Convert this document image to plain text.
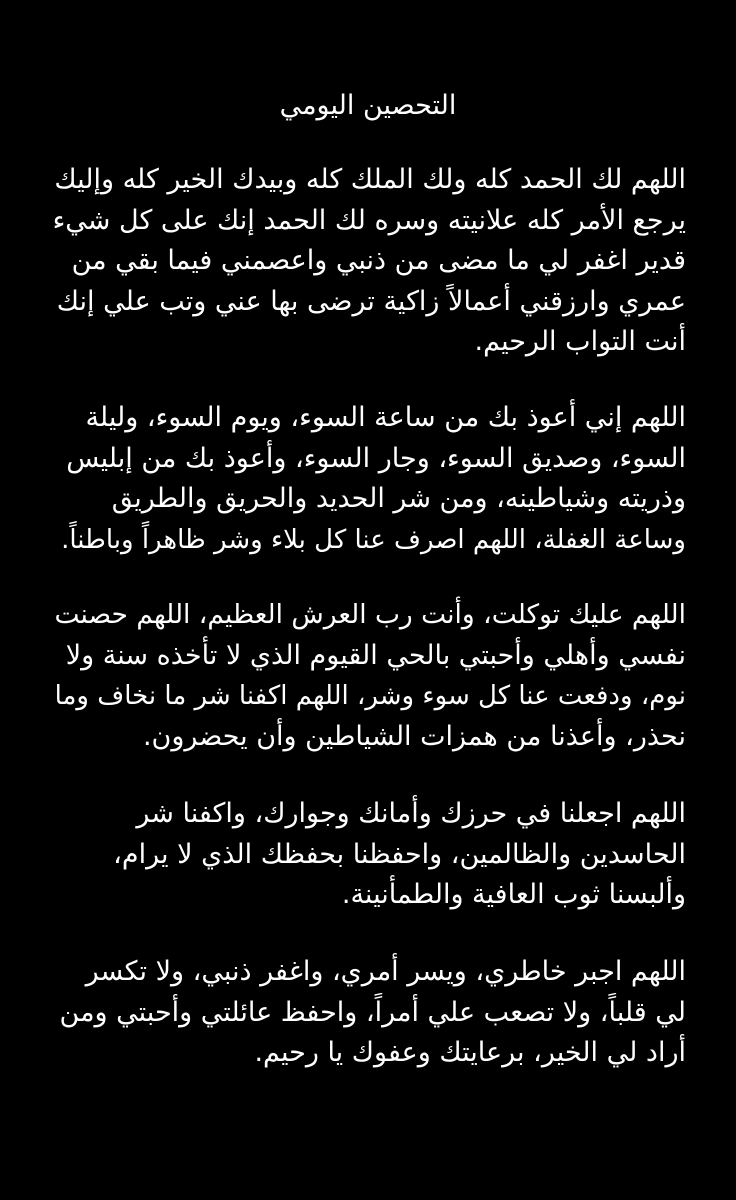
التحصين اليومي
اللهم لك الحمد كله ولك الملك كله وبيدك الخير كله وإليك
يرجع الأمر كله علانيته وسره لك الحمد إنك على كل شيء
قدير اغفر لي ما مضى من ذنبي واعصمني فيما بقي من
عمري وارزقني أعمالاً زاكية ترضى بها عني وتب علي إنك
أنت التواب الرحيم.
اللهم إني أعوذ بك من ساعة السوء، ويوم السوء، وليلة
السوء، وصديق السوء، وجار السوء، وأعوذ بك من إبليس
وذريته وشياطينه، ومن شر الحديد والحريق والطريق
وساعة الغفلة، اللهم اصرف عنا كل بلاء وشر ظاهراً وباطناً.
اللهم عليك توكلت، وأنت رب العرش العظيم، اللهم حصنت
نفسي وأهلي وأحبتي بالحي القيوم الذي لا تأخذه سنة ولا
نوم، ودفعت عنا كل سوء وشر، اللهم اكفنا شر ما نخاف وما
نحذر، وأعذنا من همزات الشياطين وأن يحضرون.
اللهم اجعلنا في حرزك وأمانك وجوارك، واكفنا شر
الحاسدين والظالمين، واحفظنا بحفظك الذي لا يرام،
وألبسنا ثوب العافية والطمأنينة.
اللهم اجبر خاطري، ويسر أمري، واغفر ذنبي، ولا تكسر
لي قلباً، ولا تصعب علي أمراً، واحفظ عائلتي وأحبتي ومن
أراد لي الخير، برعايتك وعفوك يا رحيم.
